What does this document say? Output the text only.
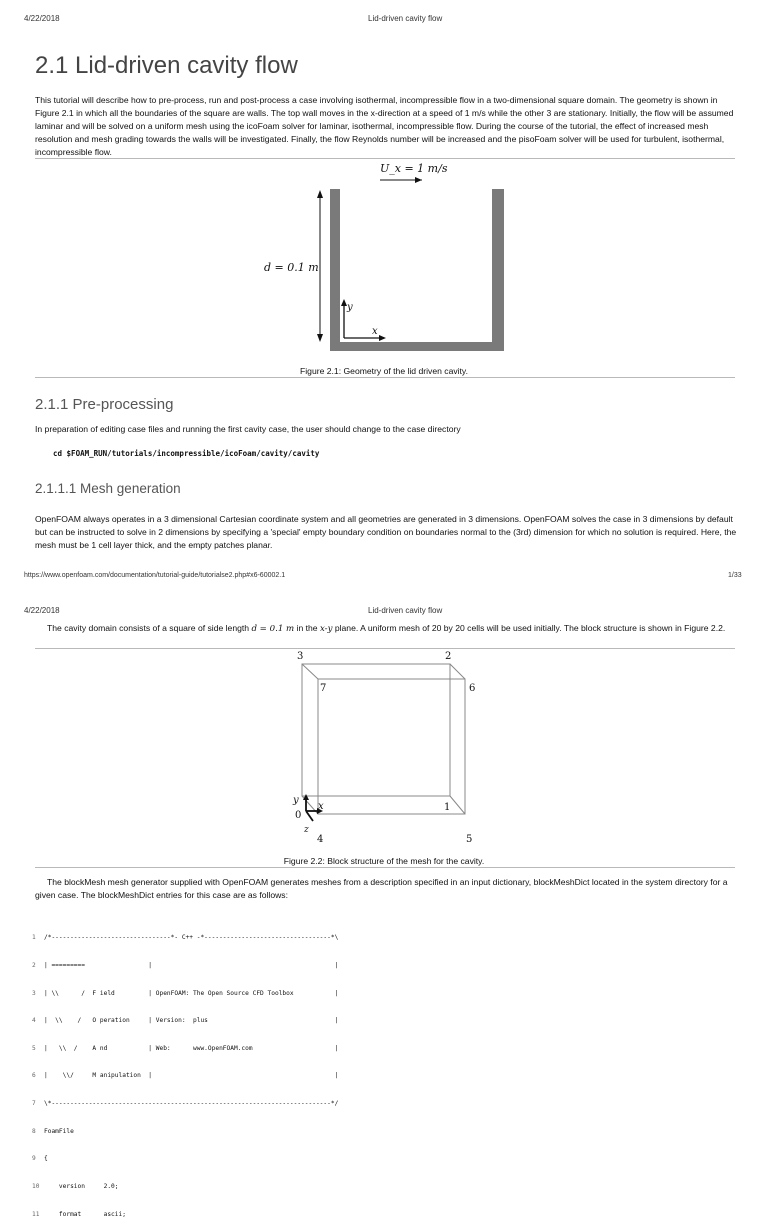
4/22/2018	Lid-driven cavity flow
2.1 Lid-driven cavity flow
This tutorial will describe how to pre-process, run and post-process a case involving isothermal, incompressible flow in a two-dimensional square domain. The geometry is shown in Figure 2.1 in which all the boundaries of the square are walls. The top wall moves in the x-direction at a speed of 1 m/s while the other 3 are stationary. Initially, the flow will be assumed laminar and will be solved on a uniform mesh using the icoFoam solver for laminar, isothermal, incompressible flow. During the course of the tutorial, the effect of increased mesh resolution and mesh grading towards the walls will be investigated. Finally, the flow Reynolds number will be increased and the pisoFoam solver will be used for turbulent, isothermal, incompressible flow.
U_x = 1 m/s
d = 0.1 m
y
x
Figure 2.1: Geometry of the lid driven cavity.
2.1.1 Pre-processing
In preparation of editing case files and running the first cavity case, the user should change to the case directory
cd $FOAM_RUN/tutorials/incompressible/icoFoam/cavity/cavity
2.1.1.1 Mesh generation
OpenFOAM always operates in a 3 dimensional Cartesian coordinate system and all geometries are generated in 3 dimensions. OpenFOAM solves the case in 3 dimensions by default but can be instructed to solve in 2 dimensions by specifying a 'special' empty boundary condition on boundaries normal to the (3rd) dimension for which no solution is required. Here, the mesh must be 1 cell layer thick, and the empty patches planar.
https://www.openfoam.com/documentation/tutorial-guide/tutorialse2.php#x6-60002.1	1/33
4/22/2018	Lid-driven cavity flow
The cavity domain consists of a square of side length d = 0.1 m in the x-y plane. A uniform mesh of 20 by 20 cells will be used initially. The block structure is shown in Figure 2.2.
3	2
7	6
1
0
4	5
y
x
z
Figure 2.2: Block structure of the mesh for the cavity.
The blockMesh mesh generator supplied with OpenFOAM generates meshes from a description specified in an input dictionary, blockMeshDict located in the system directory for a given case. The blockMeshDict entries for this case are as follows:

1 /*--------------------------------*- C++ -*----------------------------------*\

2 | =========                 |                                                 |

3 | \\      /  F ield         | OpenFOAM: The Open Source CFD Toolbox           |

4 |  \\    /   O peration     | Version:  plus                                  |

5 |   \\  /    A nd           | Web:      www.OpenFOAM.com                      |

6 |    \\/     M anipulation  |                                                 |

7 \*---------------------------------------------------------------------------*/

8 FoamFile

9 {

10    version     2.0;

11    format      ascii;
